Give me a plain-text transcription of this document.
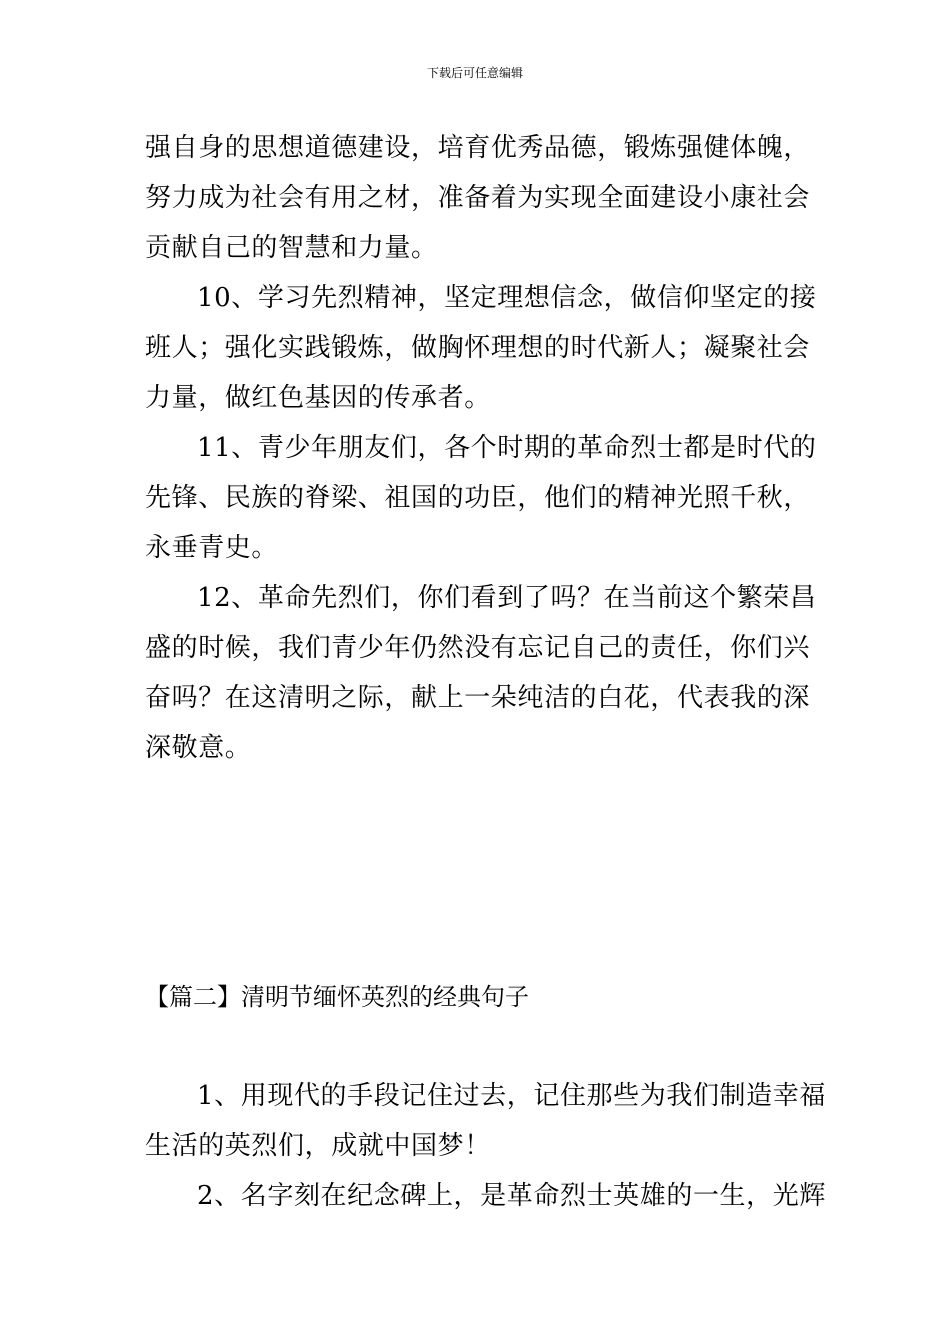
下载后可任意编辑
强自身的思想道德建设，培育优秀品德，锻炼强健体魄，
努力成为社会有用之材，准备着为实现全面建设小康社会
贡献自己的智慧和力量。
10、学习先烈精神，坚定理想信念，做信仰坚定的接
班人；强化实践锻炼，做胸怀理想的时代新人；凝聚社会
力量，做红色基因的传承者。
11、青少年朋友们，各个时期的革命烈士都是时代的
先锋、民族的脊梁、祖国的功臣，他们的精神光照千秋，
永垂青史。
12、革命先烈们，你们看到了吗？在当前这个繁荣昌
盛的时候，我们青少年仍然没有忘记自己的责任，你们兴
奋吗？在这清明之际，献上一朵纯洁的白花，代表我的深
深敬意。
【篇二】清明节缅怀英烈的经典句子
1、用现代的手段记住过去，记住那些为我们制造幸福
生活的英烈们，成就中国梦！
2、名字刻在纪念碑上，是革命烈士英雄的一生，光辉
